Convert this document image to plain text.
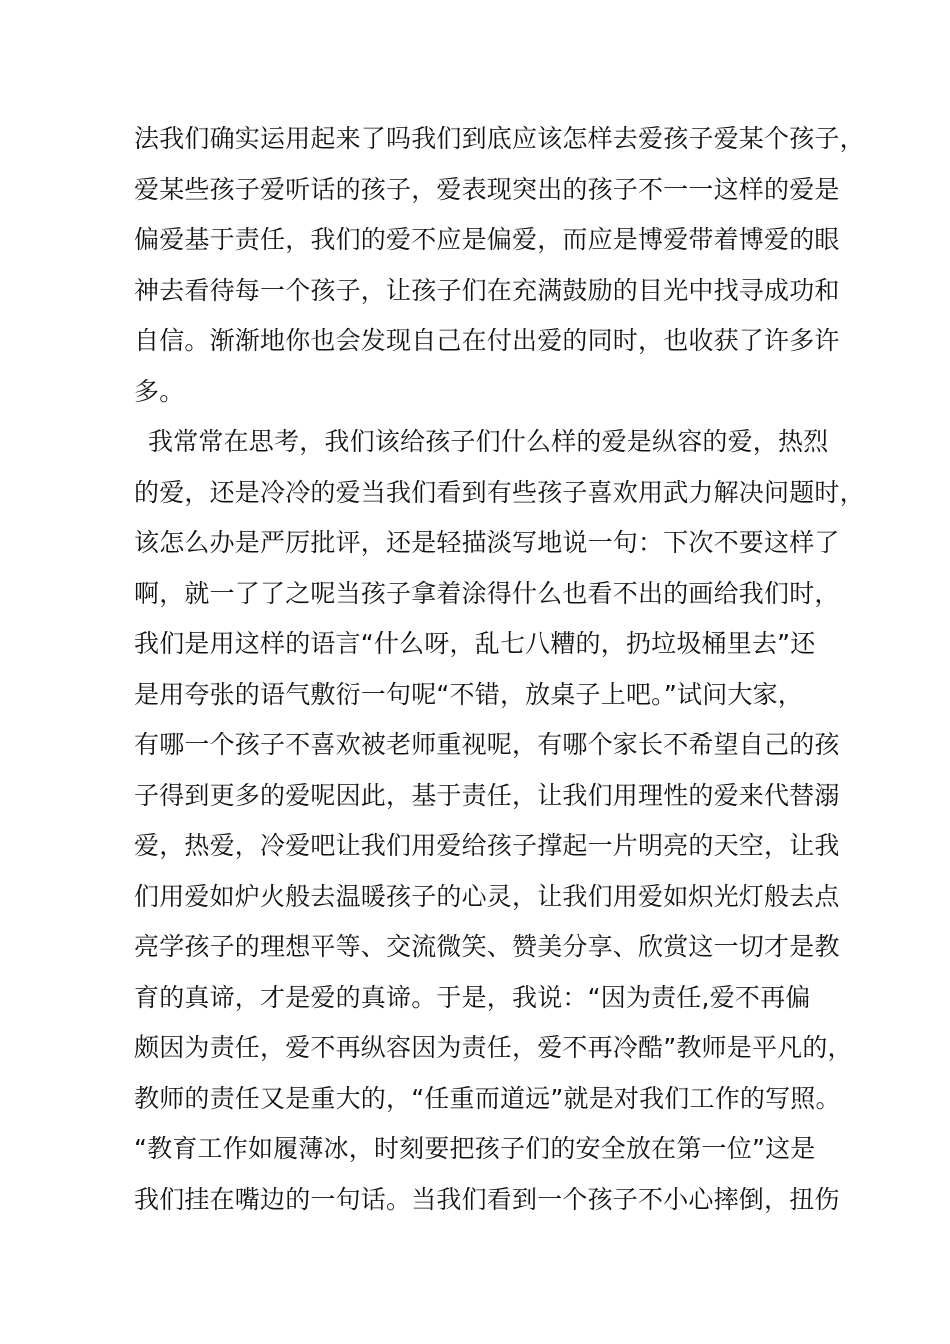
法我们确实运用起来了吗我们到底应该怎样去爱孩子爱某个孩子，
爱某些孩子爱听话的孩子，爱表现突出的孩子不一一这样的爱是
偏爱基于责任，我们的爱不应是偏爱，而应是博爱带着博爱的眼
神去看待每一个孩子，让孩子们在充满鼓励的目光中找寻成功和
自信。渐渐地你也会发现自己在付出爱的同时，也收获了许多许
多。
我常常在思考，我们该给孩子们什么样的爱是纵容的爱，热烈
的爱，还是冷冷的爱当我们看到有些孩子喜欢用武力解决问题时，
该怎么办是严厉批评，还是轻描淡写地说一句：下次不要这样了
啊，就一了了之呢当孩子拿着涂得什么也看不出的画给我们时，
我们是用这样的语言“什么呀，乱七八糟的，扔垃圾桶里去”还
是用夸张的语气敷衍一句呢“不错，放桌子上吧。”试问大家，
有哪一个孩子不喜欢被老师重视呢，有哪个家长不希望自己的孩
子得到更多的爱呢因此，基于责任，让我们用理性的爱来代替溺
爱，热爱，冷爱吧让我们用爱给孩子撑起一片明亮的天空，让我
们用爱如炉火般去温暖孩子的心灵，让我们用爱如炽光灯般去点
亮学孩子的理想平等、交流微笑、赞美分享、欣赏这一切才是教
育的真谛，才是爱的真谛。于是，我说：“因为责任,爱不再偏
颇因为责任，爱不再纵容因为责任，爱不再冷酷”教师是平凡的，
教师的责任又是重大的，“任重而道远”就是对我们工作的写照。
“教育工作如履薄冰，时刻要把孩子们的安全放在第一位”这是
我们挂在嘴边的一句话。当我们看到一个孩子不小心摔倒，扭伤
